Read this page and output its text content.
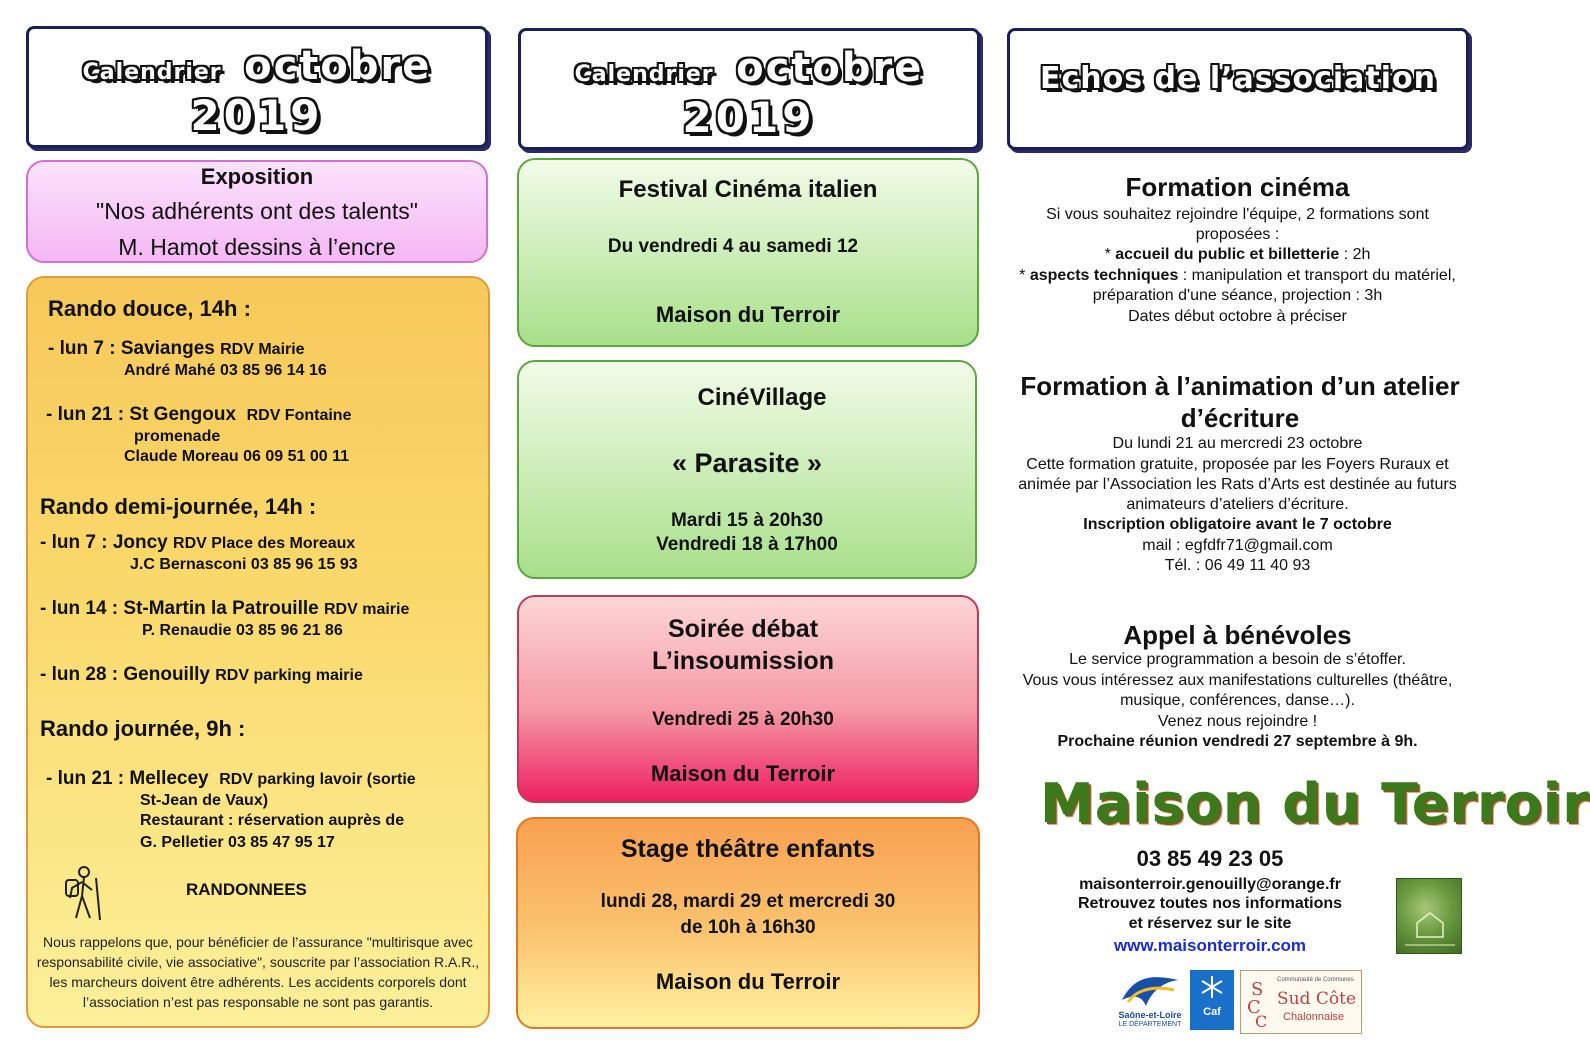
Calendrier octobre
2019
Calendrier octobre
2019
Echos de l’association
Exposition
"Nos adhérents ont des talents"
M. Hamot dessins à l’encre
Rando douce, 14h :
- lun 7 : Savianges RDV Mairie
André Mahé 03 85 96 14 16
- lun 21 : St Gengoux RDV Fontaine
promenade
Claude Moreau 06 09 51 00 11
Rando demi-journée, 14h :
- lun 7 : Joncy RDV Place des Moreaux
J.C Bernasconi 03 85 96 15 93
- lun 14 : St-Martin la Patrouille RDV mairie
P. Renaudie 03 85 96 21 86
- lun 28 : Genouilly RDV parking mairie
Rando journée, 9h :
- lun 21 : Mellecey RDV parking lavoir (sortie
St-Jean de Vaux)
Restaurant : réservation auprès de
G. Pelletier 03 85 47 95 17
RANDONNEES
Nous rappelons que, pour bénéficier de l’assurance "multirisque avec responsabilité civile, vie associative", souscrite par l’association R.A.R., les marcheurs doivent être adhérents. Les accidents corporels dont l’association n’est pas responsable ne sont pas garantis.
Festival Cinéma italien
Du vendredi 4 au samedi 12
Maison du Terroir
CinéVillage
« Parasite »
Mardi 15 à 20h30
Vendredi 18 à 17h00
Soirée débat
L’insoumission
Vendredi 25 à 20h30
Maison du Terroir
Stage théâtre enfants
lundi 28, mardi 29 et mercredi 30
de 10h à 16h30
Maison du Terroir
Formation cinéma
Si vous souhaitez rejoindre l'équipe, 2 formations sont proposées :
* accueil du public et billetterie : 2h
* aspects techniques : manipulation et transport du matériel, préparation d'une séance, projection : 3h
Dates début octobre à préciser
Formation à l’animation d’un atelier d’écriture
Du lundi 21 au mercredi 23 octobre
Cette formation gratuite, proposée par les Foyers Ruraux et animée par l’Association les Rats d’Arts est destinée au futurs animateurs d’ateliers d’écriture.
Inscription obligatoire avant le 7 octobre
mail : egfdfr71@gmail.com
Tél. : 06 49 11 40 93
Appel à bénévoles
Le service programmation a besoin de s’étoffer.
Vous vous intéressez aux manifestations culturelles (théâtre, musique, conférences, danse…).
Venez nous rejoindre !
Prochaine réunion vendredi 27 septembre à 9h.
Maison du Terroir
03 85 49 23 05
maisonterroir.genouilly@orange.fr
Retrouvez toutes nos informations
et réservez sur le site
www.maisonterroir.com
Saône-et-Loire
LE DÉPARTEMENT
Caf
S
C
C
Communauté de Communes
Sud Côte
Chalonnaise
